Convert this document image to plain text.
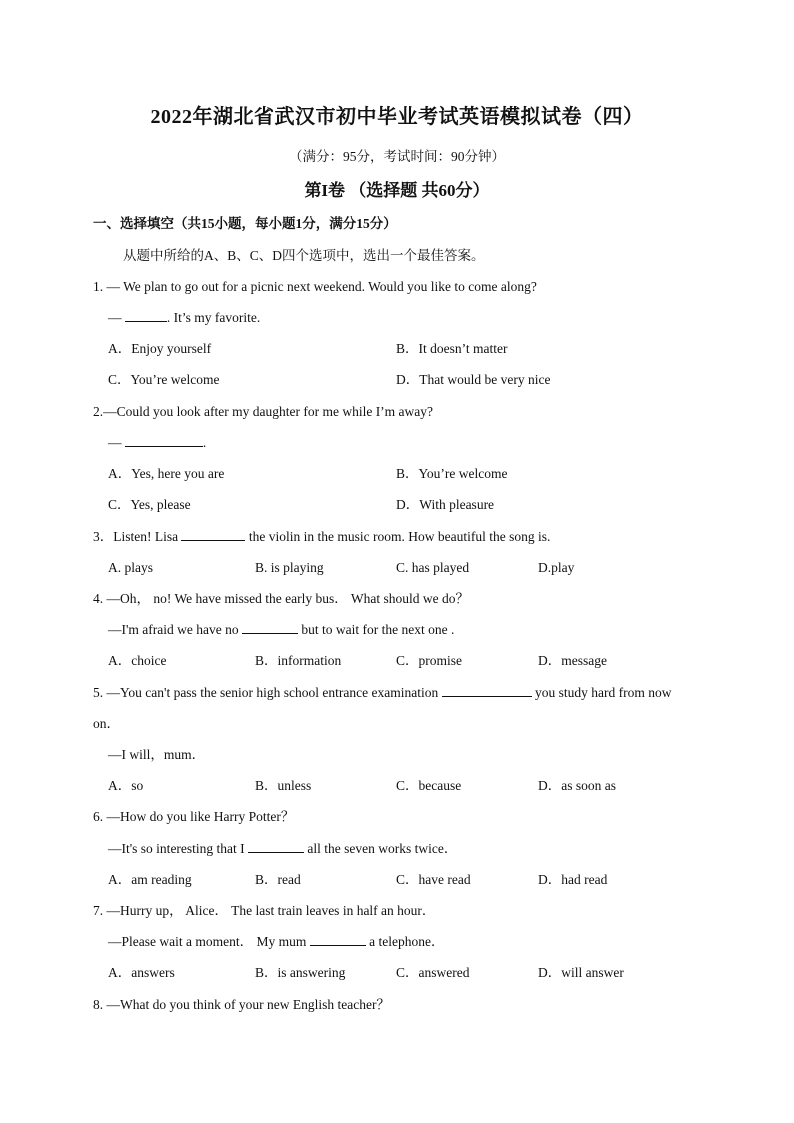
2022年湖北省武汉市初中毕业考试英语模拟试卷（四）
（满分：95分，考试时间：90分钟）
第I卷 （选择题 共60分）
一、选择填空（共15小题，每小题1分，满分15分）
从题中所给的A、B、C、D四个选项中，选出一个最佳答案。
1. — We plan to go out for a picnic next weekend. Would you like to come along?
—	. It’s my favorite.
A．Enjoy yourself	B．It doesn’t matter
C．You’re welcome	D．That would be very nice
2.—Could you look after my daughter for me while I’m away?
—	.
A．Yes, here you are	B．You’re welcome
C．Yes, please	D．With pleasure
3．Listen! Lisa	the violin in the music room. How beautiful the song is.
A. plays	B. is playing	C. has played	D.play
4. —Oh， no! We have missed the early bus． What should we do？
—I'm afraid we have no	but to wait for the next one .
A．choice	B．information	C．promise	D．message
5. —You can't pass the senior high school entrance examination	you study hard from now
on．
—I will，mum．
A．so	B．unless	C．because	D．as soon as
6. —How do you like Harry Potter？
—It's so interesting that I	all the seven works twice．
A．am reading	B．read	C．have read	D．had read
7. —Hurry up， Alice． The last train leaves in half an hour．
—Please wait a moment． My mum	a telephone．
A．answers	B．is answering	C．answered	D．will answer
8. —What do you think of your new English teacher？
